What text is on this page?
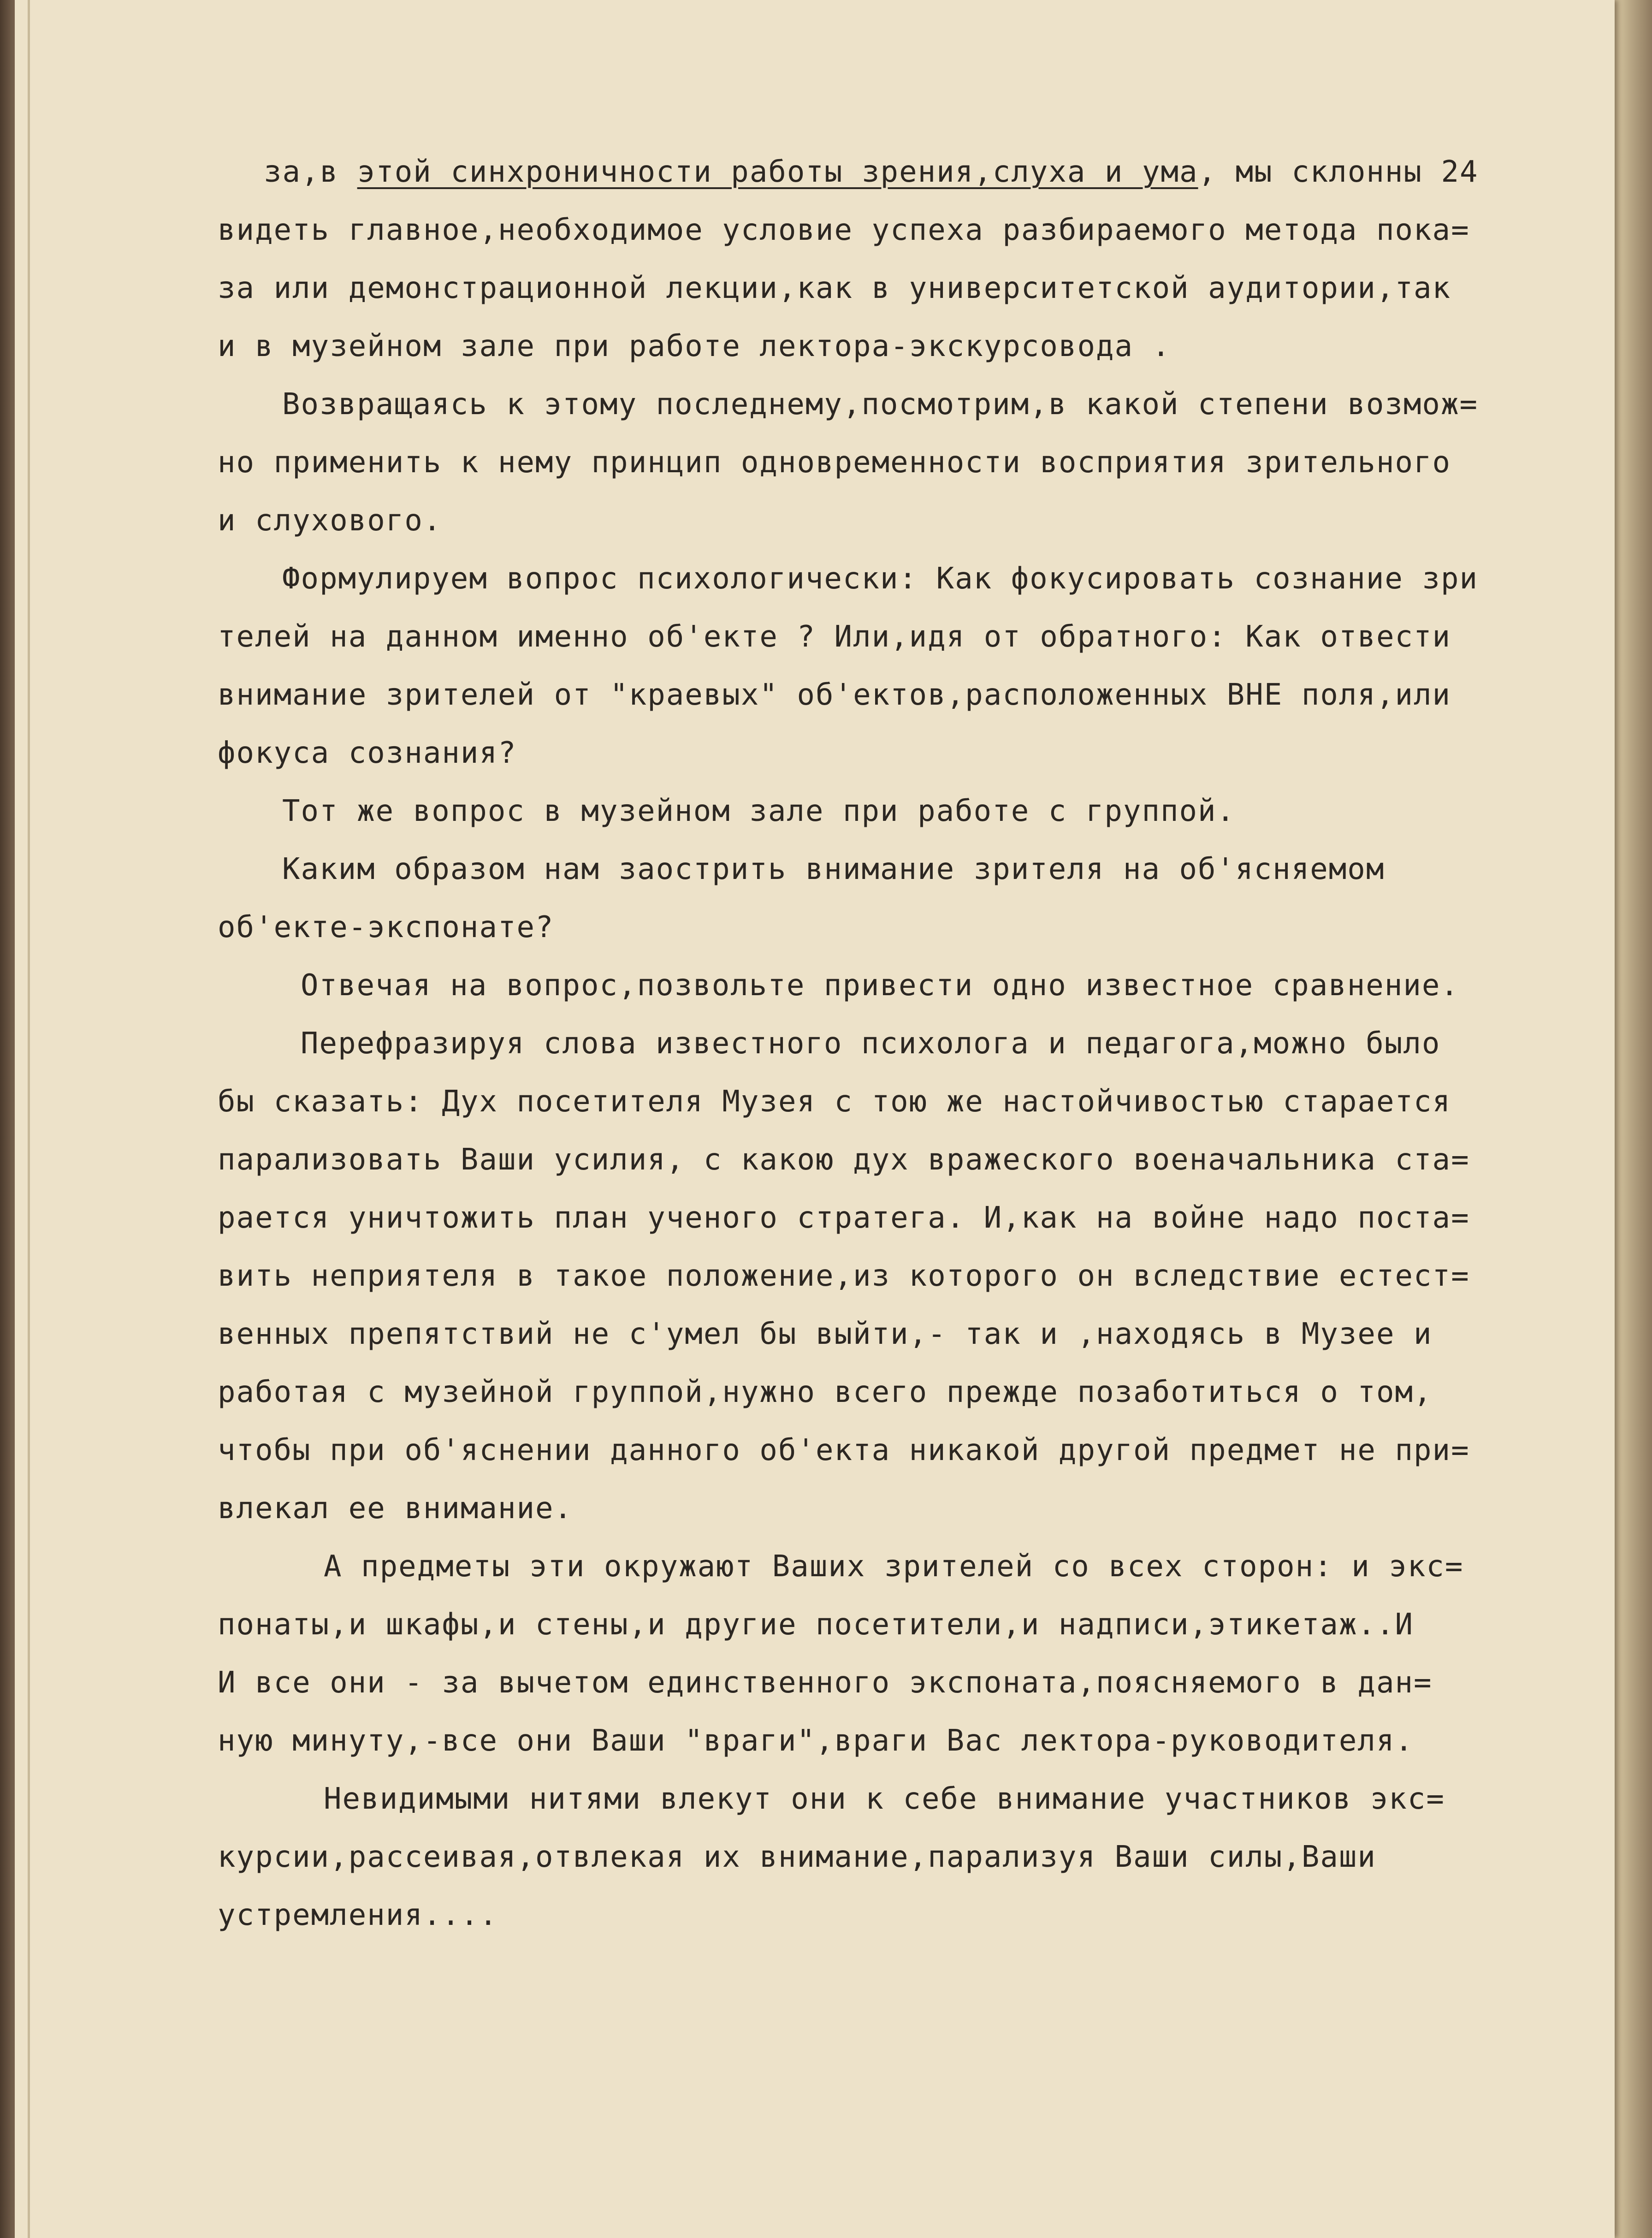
за,в этой синхроничности работы зрения,слуха и ума, мы склонны 24
видеть главное,необходимое условие успеха разбираемого метода пока=
за или демонстрационной лекции,как в университетской аудитории,так
и в музейном зале при работе лектора-экскурсовода .
Возвращаясь к этому последнему,посмотрим,в какой степени возмож=
но применить к нему принцип одновременности восприятия зрительного
и слухового.
Формулируем вопрос психологически: Как фокусировать сознание зри
телей на данном именно об'екте ? Или,идя от обратного: Как отвести
внимание зрителей от "краевых" об'ектов,расположенных ВНЕ поля,или
фокуса сознания?
Тот же вопрос в музейном зале при работе с группой.
Каким образом нам заострить внимание зрителя на об'ясняемом
об'екте-экспонате?
Отвечая на вопрос,позвольте привести одно известное сравнение.
Перефразируя слова известного психолога и педагога,можно было
бы сказать: Дух посетителя Музея с тою же настойчивостью старается
парализовать Ваши усилия, с какою дух вражеского военачальника ста=
рается уничтожить план ученого стратега. И,как на войне надо поста=
вить неприятеля в такое положение,из которого он вследствие естест=
венных препятствий не с'умел бы выйти,- так и ,находясь в Музее и
работая с музейной группой,нужно всего прежде позаботиться о том,
чтобы при об'яснении данного об'екта никакой другой предмет не при=
влекал ее внимание.
А предметы эти окружают Ваших зрителей со всех сторон: и экс=
понаты,и шкафы,и стены,и другие посетители,и надписи,этикетаж..И
И все они - за вычетом единственного экспоната,поясняемого в дан=
ную минуту,-все они Ваши "враги",враги Вас лектора-руководителя.
Невидимыми нитями влекут они к себе внимание участников экс=
курсии,рассеивая,отвлекая их внимание,парализуя Ваши силы,Ваши
устремления....
